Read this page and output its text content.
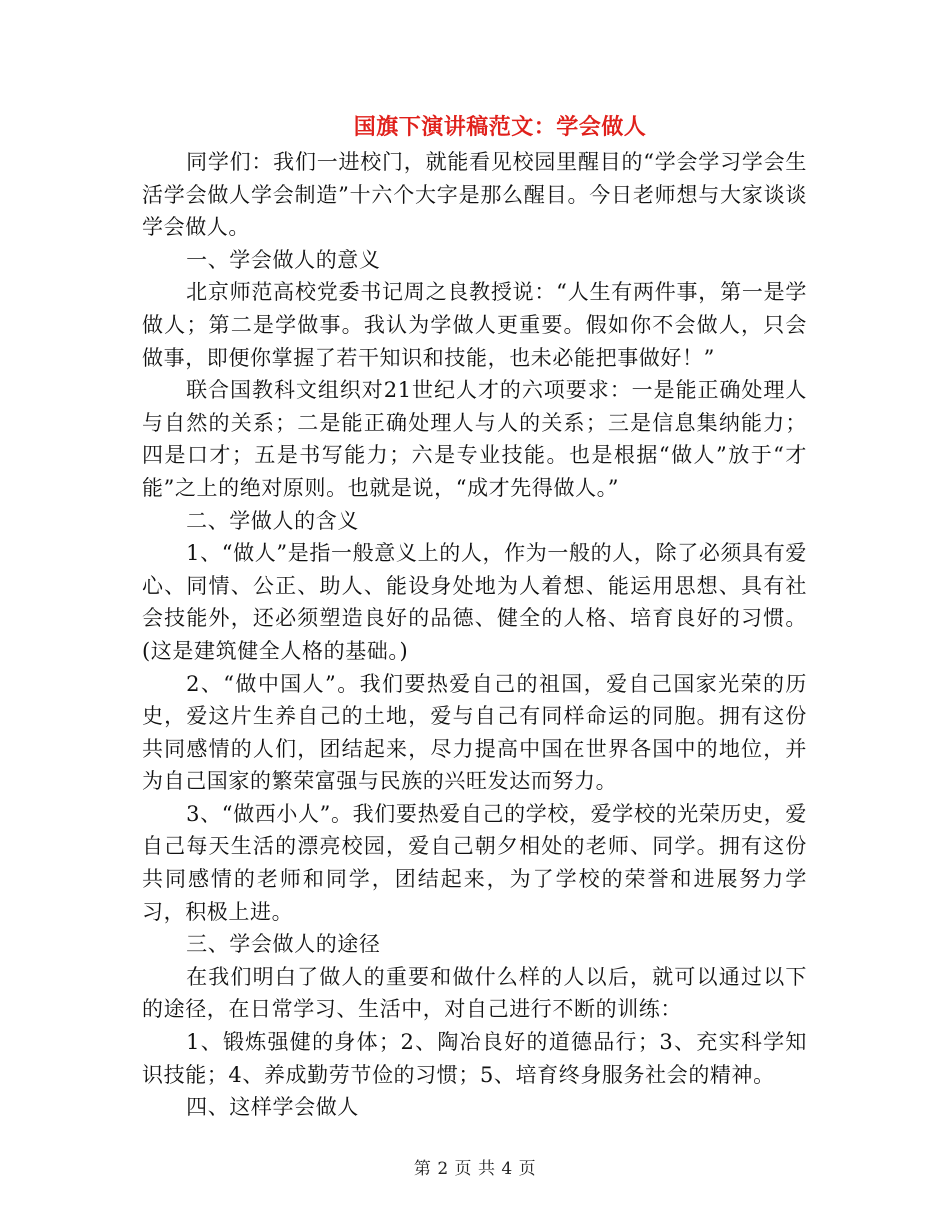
国旗下演讲稿范文：学会做人

同学们：我们一进校门，就能看见校园里醒目的“学会学习学会生活学会做人学会制造”十六个大字是那么醒目。今日老师想与大家谈谈学会做人。

一、学会做人的意义

北京师范高校党委书记周之良教授说：“人生有两件事，第一是学做人；第二是学做事。我认为学做人更重要。假如你不会做人，只会做事，即便你掌握了若干知识和技能，也未必能把事做好！”

联合国教科文组织对21世纪人才的六项要求：一是能正确处理人与自然的关系；二是能正确处理人与人的关系；三是信息集纳能力；四是口才；五是书写能力；六是专业技能。也是根据“做人”放于“才能”之上的绝对原则。也就是说，“成才先得做人。”

二、学做人的含义

1、“做人”是指一般意义上的人，作为一般的人，除了必须具有爱心、同情、公正、助人、能设身处地为人着想、能运用思想、具有社会技能外，还必须塑造良好的品德、健全的人格、培育良好的习惯。(这是建筑健全人格的基础。)

2、“做中国人”。我们要热爱自己的祖国，爱自己国家光荣的历史，爱这片生养自己的土地，爱与自己有同样命运的同胞。拥有这份共同感情的人们，团结起来，尽力提高中国在世界各国中的地位，并为自己国家的繁荣富强与民族的兴旺发达而努力。

3、“做西小人”。我们要热爱自己的学校，爱学校的光荣历史，爱自己每天生活的漂亮校园，爱自己朝夕相处的老师、同学。拥有这份共同感情的老师和同学，团结起来，为了学校的荣誉和进展努力学习，积极上进。

三、学会做人的途径

在我们明白了做人的重要和做什么样的人以后，就可以通过以下的途径，在日常学习、生活中，对自己进行不断的训练：

1、锻炼强健的身体；2、陶冶良好的道德品行；3、充实科学知识技能；4、养成勤劳节俭的习惯；5、培育终身服务社会的精神。

四、这样学会做人

第 2 页 共 4 页
